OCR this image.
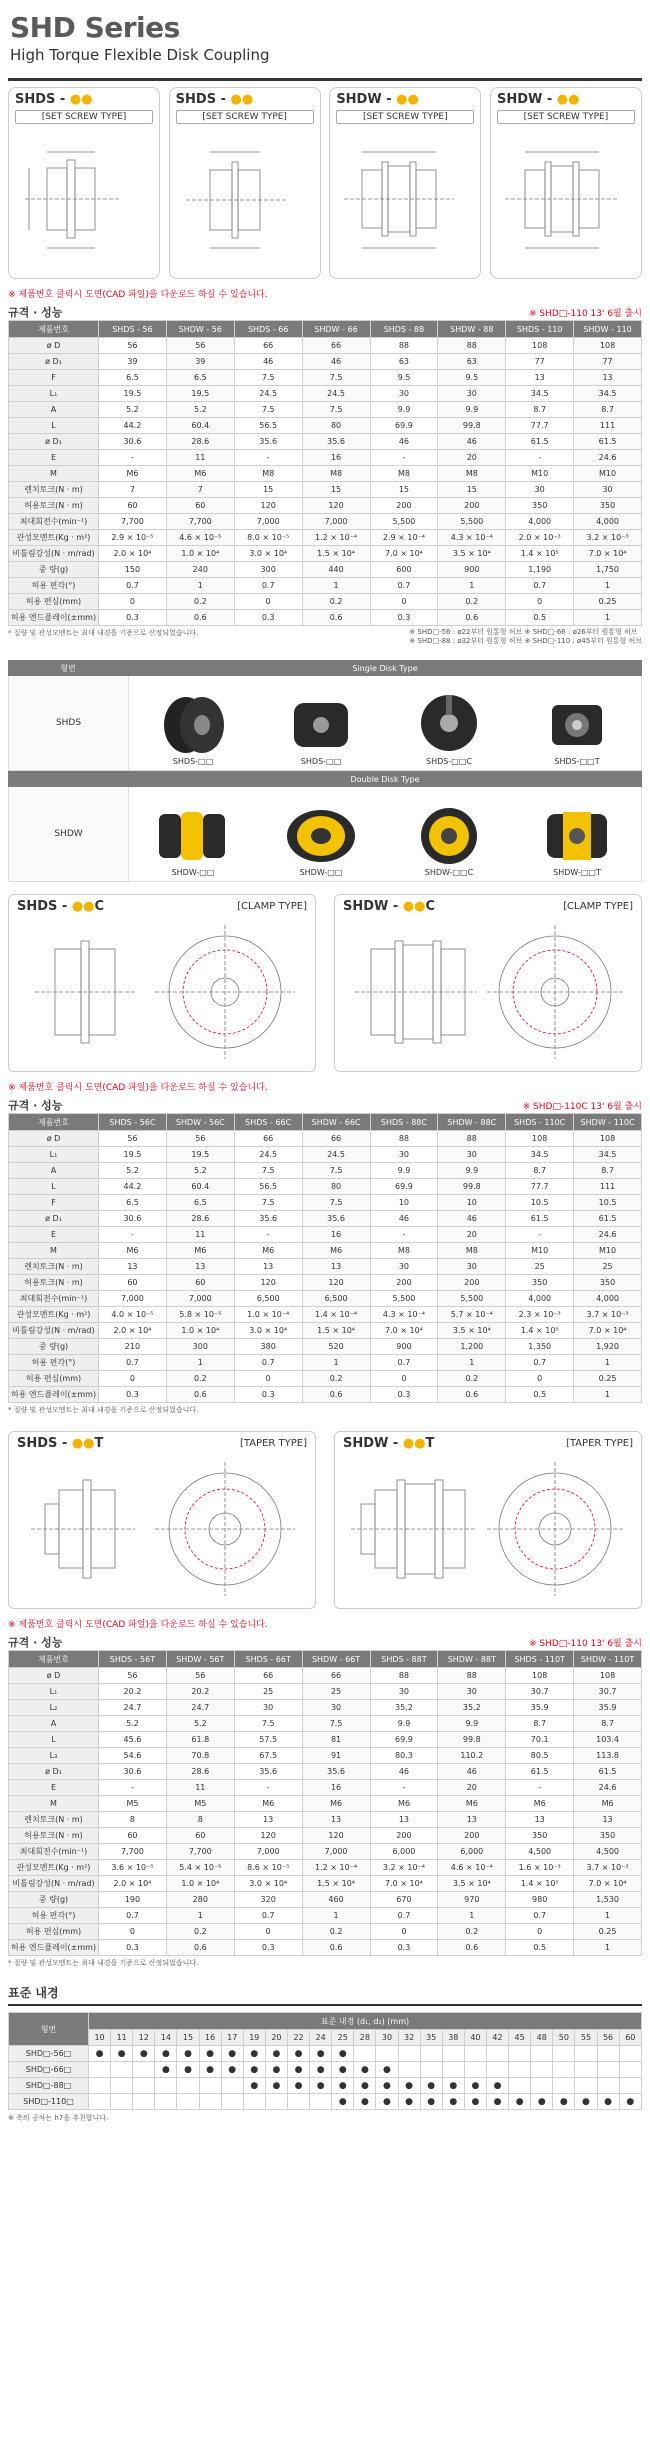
SHD Series
High Torque Flexible Disk Coupling
SHDS - ●●
[SET SCREW TYPE]
SHDS - ●●
[SET SCREW TYPE]
SHDW - ●●
[SET SCREW TYPE]
SHDW - ●●
[SET SCREW TYPE]
※ 제품번호 클릭시 도면(CAD 파일)을 다운로드 하실 수 있습니다.
규격 · 성능	※ SHD□-110 13' 6월 출시
제품번호	SHDS - 56	SHDW - 56	SHDS - 66	SHDW - 66	SHDS - 88	SHDW - 88	SHDS - 110	SHDW - 110
ø D	56	56	66	66	88	88	108	108
ø D₁	39	39	46	46	63	63	77	77
F	6.5	6.5	7.5	7.5	9.5	9.5	13	13
L₁	19.5	19.5	24.5	24.5	30	30	34.5	34.5
A	5.2	5.2	7.5	7.5	9.9	9.9	8.7	8.7
L	44.2	60.4	56.5	80	69.9	99.8	77.7	111
ø D₁	30.6	28.6	35.6	35.6	46	46	61.5	61.5
E	-	11	-	16	-	20	-	24.6
M	M6	M6	M8	M8	M8	M8	M10	M10
렌치토크(N · m)	7	7	15	15	15	15	30	30
허용토크(N · m)	60	60	120	120	200	200	350	350
최대회전수(min⁻¹)	7,700	7,700	7,000	7,000	5,500	5,500	4,000	4,000
관성모멘트(Kg · m²)	2.9 × 10⁻⁵	4.6 × 10⁻⁵	8.0 × 10⁻⁵	1.2 × 10⁻⁴	2.9 × 10⁻⁴	4.3 × 10⁻⁴	2.0 × 10⁻³	3.2 × 10⁻³
비틀림강성(N · m/rad)	2.0 × 10⁴	1.0 × 10⁴	3.0 × 10⁴	1.5 × 10⁴	7.0 × 10⁴	3.5 × 10⁴	1.4 × 10⁵	7.0 × 10⁴
중 량(g)	150	240	300	440	600	900	1,190	1,750
허용 편각(°)	0.7	1	0.7	1	0.7	1	0.7	1
허용 편심(mm)	0	0.2	0	0.2	0	0.2	0	0.25
허용 엔드플레이(±mm)	0.3	0.6	0.3	0.6	0.3	0.6	0.5	1
* 질량 및 관성모멘트는 최대 내경을 기준으로 산정되었습니다.	※ SHD□-56 : ø22부터 원통형 허브 ※ SHD□-66 : ø26부터 원통형 허브
※ SHD□-88 : ø32부터 원통형 허브 ※ SHD□-110 : ø45부터 원통형 허브
형번	Single Disk Type
SHDS
SHDS-□□	SHDS-□□	SHDS-□□C	SHDS-□□T
Double Disk Type
SHDW
SHDW-□□	SHDW-□□	SHDW-□□C	SHDW-□□T
SHDS - ●●C	[CLAMP TYPE]	SHDW - ●●C	[CLAMP TYPE]
※ 제품번호 클릭시 도면(CAD 파일)을 다운로드 하실 수 있습니다.
규격 · 성능	※ SHD□-110C 13' 6월 출시
제품번호	SHDS - 56C	SHDW - 56C	SHDS - 66C	SHDW - 66C	SHDS - 88C	SHDW - 88C	SHDS - 110C	SHDW - 110C
ø D	56	56	66	66	88	88	108	108
L₁	19.5	19.5	24.5	24.5	30	30	34.5	34.5
A	5.2	5.2	7.5	7.5	9.9	9.9	8.7	8.7
L	44.2	60.4	56.5	80	69.9	99.8	77.7	111
F	6.5	6.5	7.5	7.5	10	10	10.5	10.5
ø D₁	30.6	28.6	35.6	35.6	46	46	61.5	61.5
E	-	11	-	16	-	20	-	24.6
M	M6	M6	M6	M6	M8	M8	M10	M10
렌치토크(N · m)	13	13	13	13	30	30	25	25
허용토크(N · m)	60	60	120	120	200	200	350	350
최대회전수(min⁻¹)	7,000	7,000	6,500	6,500	5,500	5,500	4,000	4,000
관성모멘트(Kg · m²)	4.0 × 10⁻⁵	5.8 × 10⁻⁵	1.0 × 10⁻⁴	1.4 × 10⁻⁴	4.3 × 10⁻⁴	5.7 × 10⁻⁴	2.3 × 10⁻³	3.7 × 10⁻³
비틀림강성(N · m/rad)	2.0 × 10⁴	1.0 × 10⁴	3.0 × 10⁴	1.5 × 10⁴	7.0 × 10⁴	3.5 × 10⁴	1.4 × 10⁵	7.0 × 10⁴
중 량(g)	210	300	380	520	900	1,200	1,350	1,920
허용 편각(°)	0.7	1	0.7	1	0.7	1	0.7	1
허용 편심(mm)	0	0.2	0	0.2	0	0.2	0	0.25
허용 엔드플레이(±mm)	0.3	0.6	0.3	0.6	0.3	0.6	0.5	1
* 질량 및 관성모멘트는 최대 내경을 기준으로 산정되었습니다.
SHDS - ●●T	[TAPER TYPE]	SHDW - ●●T	[TAPER TYPE]
※ 제품번호 클릭시 도면(CAD 파일)을 다운로드 하실 수 있습니다.
규격 · 성능	※ SHD□-110 13' 6월 출시
제품번호	SHDS - 56T	SHDW - 56T	SHDS - 66T	SHDW - 66T	SHDS - 88T	SHDW - 88T	SHDS - 110T	SHDW - 110T
ø D	56	56	66	66	88	88	108	108
L₁	20.2	20.2	25	25	30	30	30.7	30.7
L₂	24.7	24.7	30	30	35.2	35.2	35.9	35.9
A	5.2	5.2	7.5	7.5	9.9	9.9	8.7	8.7
L	45.6	61.8	57.5	81	69.9	99.8	70.1	103.4
L₃	54.6	70.8	67.5	91	80.3	110.2	80.5	113.8
ø D₁	30.6	28.6	35.6	35.6	46	46	61.5	61.5
E	-	11	-	16	-	20	-	24.6
M	M5	M5	M6	M6	M6	M6	M6	M6
렌치토크(N · m)	8	8	13	13	13	13	13	13
허용토크(N · m)	60	60	120	120	200	200	350	350
최대회전수(min⁻¹)	7,700	7,700	7,000	7,000	6,000	6,000	4,500	4,500
관성모멘트(Kg · m²)	3.6 × 10⁻⁵	5.4 × 10⁻⁵	8.6 × 10⁻⁵	1.2 × 10⁻⁴	3.2 × 10⁻⁴	4.6 × 10⁻⁴	1.6 × 10⁻³	3.7 × 10⁻³
비틀림강성(N · m/rad)	2.0 × 10⁴	1.0 × 10⁴	3.0 × 10⁴	1.5 × 10⁴	7.0 × 10⁴	3.5 × 10⁴	1.4 × 10⁵	7.0 × 10⁴
중 량(g)	190	280	320	460	670	970	980	1,530
허용 편각(°)	0.7	1	0.7	1	0.7	1	0.7	1
허용 편심(mm)	0	0.2	0	0.2	0	0.2	0	0.25
허용 엔드플레이(±mm)	0.3	0.6	0.3	0.6	0.3	0.6	0.5	1
* 질량 및 관성모멘트는 최대 내경을 기준으로 산정되었습니다.
표준 내경
형번	표준 내경 (d₁, d₂) (mm)																								
	10	11	12	14	15	16	17	19	20	22	24	25	28	30	32	35	38	40	42	45	48	50	55	56	60
SHD□-56□	●	●	●	●	●	●	●	●	●	●	●	●													
SHD□-66□				●	●	●	●	●	●	●	●	●	●	●											
SHD□-88□								●	●	●	●	●	●	●	●	●	●	●	●						
SHD□-110□												●	●	●	●	●	●	●	●	●	●	●	●	●	●
※ 축의 공차는 h7을 추천합니다.
